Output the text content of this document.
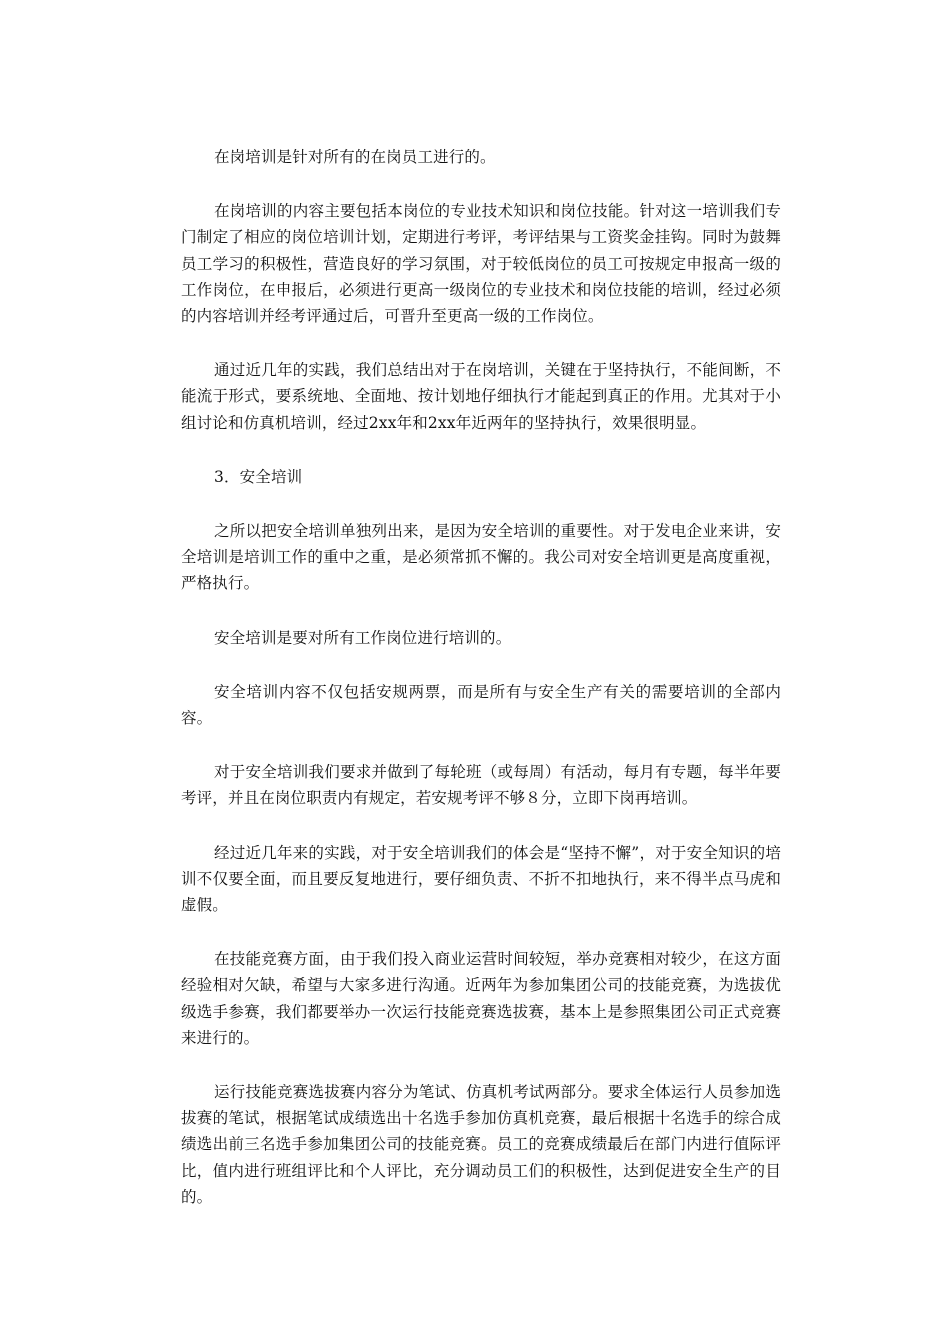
在岗培训是针对所有的在岗员工进行的。

在岗培训的内容主要包括本岗位的专业技术知识和岗位技能。针对这一培训我们专门制定了相应的岗位培训计划，定期进行考评，考评结果与工资奖金挂钩。同时为鼓舞员工学习的积极性，营造良好的学习氛围，对于较低岗位的员工可按规定申报高一级的工作岗位，在申报后，必须进行更高一级岗位的专业技术和岗位技能的培训，经过必须的内容培训并经考评通过后，可晋升至更高一级的工作岗位。

通过近几年的实践，我们总结出对于在岗培训，关键在于坚持执行，不能间断，不能流于形式，要系统地、全面地、按计划地仔细执行才能起到真正的作用。尤其对于小组讨论和仿真机培训，经过2xx年和2xx年近两年的坚持执行，效果很明显。

3．安全培训

之所以把安全培训单独列出来，是因为安全培训的重要性。对于发电企业来讲，安全培训是培训工作的重中之重，是必须常抓不懈的。我公司对安全培训更是高度重视，严格执行。

安全培训是要对所有工作岗位进行培训的。

安全培训内容不仅包括安规两票，而是所有与安全生产有关的需要培训的全部内容。

对于安全培训我们要求并做到了每轮班（或每周）有活动，每月有专题，每半年要考评，并且在岗位职责内有规定，若安规考评不够８分，立即下岗再培训。

经过近几年来的实践，对于安全培训我们的体会是“坚持不懈”，对于安全知识的培训不仅要全面，而且要反复地进行，要仔细负责、不折不扣地执行，来不得半点马虎和虚假。

在技能竞赛方面，由于我们投入商业运营时间较短，举办竞赛相对较少，在这方面经验相对欠缺，希望与大家多进行沟通。近两年为参加集团公司的技能竞赛，为选拔优级选手参赛，我们都要举办一次运行技能竞赛选拔赛，基本上是参照集团公司正式竞赛来进行的。

运行技能竞赛选拔赛内容分为笔试、仿真机考试两部分。要求全体运行人员参加选拔赛的笔试，根据笔试成绩选出十名选手参加仿真机竞赛，最后根据十名选手的综合成绩选出前三名选手参加集团公司的技能竞赛。员工的竞赛成绩最后在部门内进行值际评比，值内进行班组评比和个人评比，充分调动员工们的积极性，达到促进安全生产的目的。
